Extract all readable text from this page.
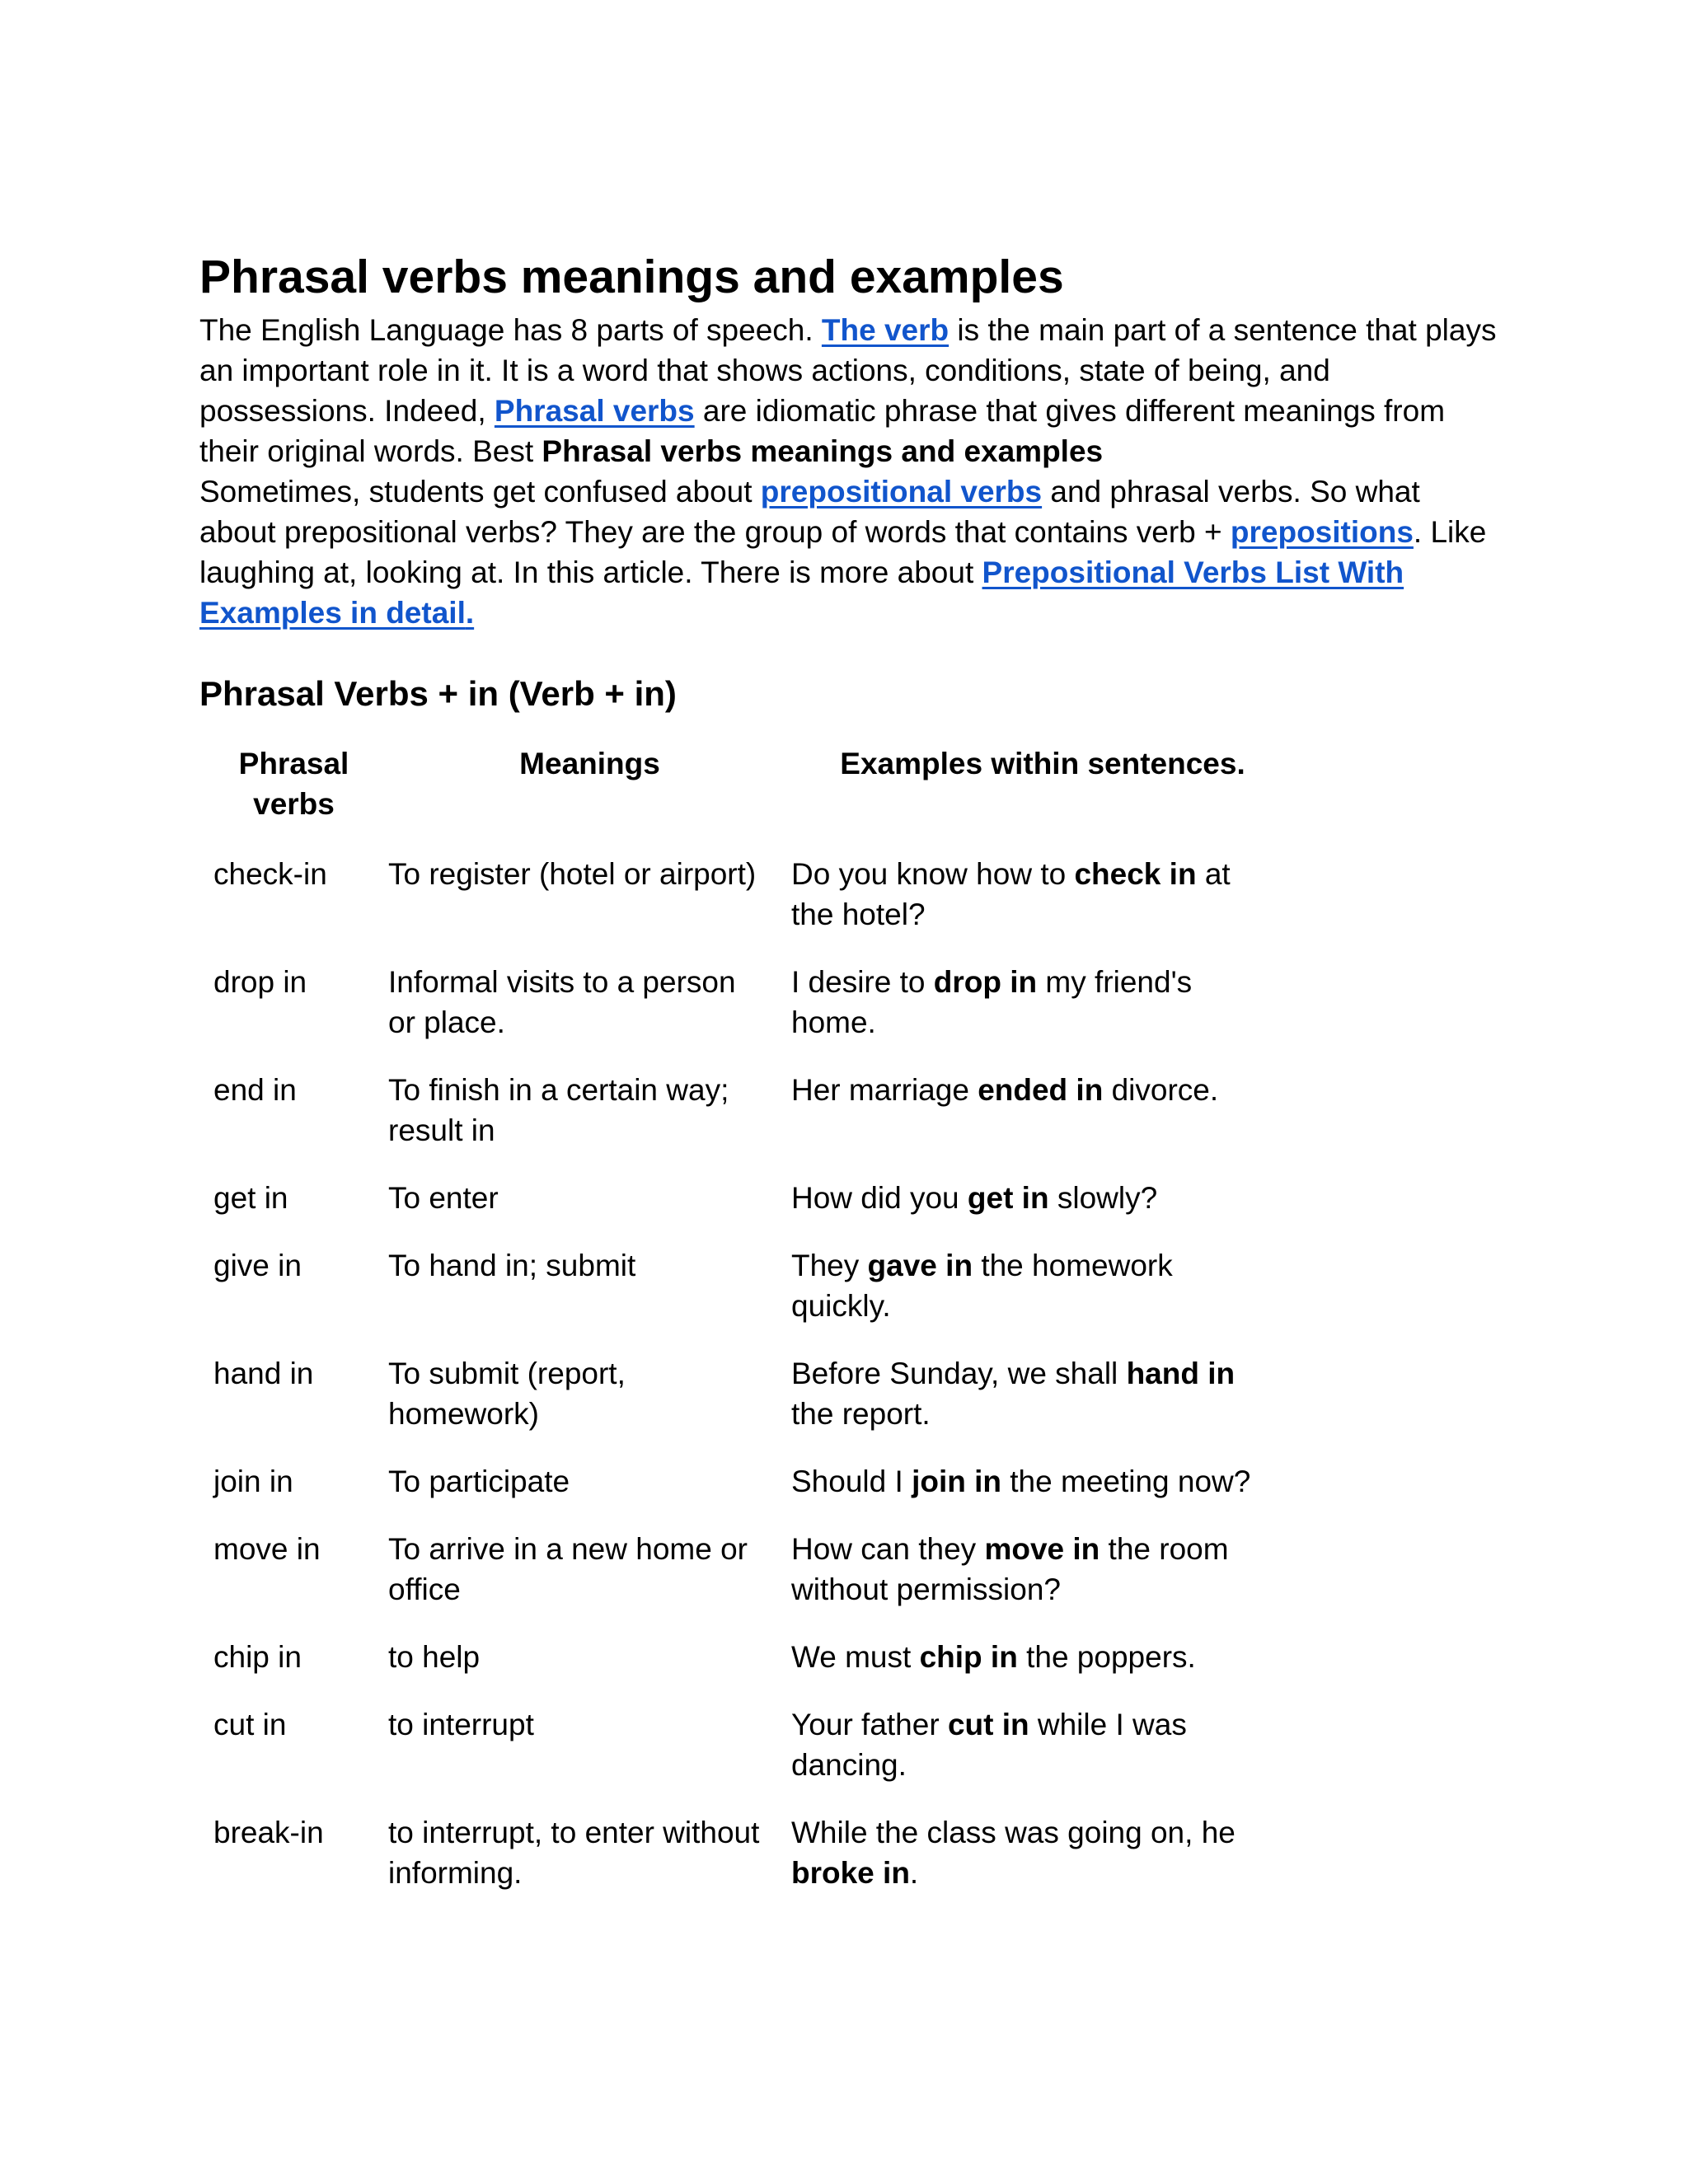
Phrasal verbs meanings and examples

The English Language has 8 parts of speech. The verb is the main part of a sentence that plays an important role in it. It is a word that shows actions, conditions, state of being, and possessions. Indeed, Phrasal verbs are idiomatic phrase that gives different meanings from their original words. Best Phrasal verbs meanings and examples

Sometimes, students get confused about prepositional verbs and phrasal verbs. So what about prepositional verbs? They are the group of words that contains verb + prepositions. Like laughing at, looking at. In this article. There is more about Prepositional Verbs List With Examples in detail.

Phrasal Verbs + in (Verb + in)
Phrasal verbs	Meanings	Examples within sentences.
check-in	To register (hotel or airport)	Do you know how to check in at the hotel?
drop in	Informal visits to a person or place.	I desire to drop in my friend's home.
end in	To finish in a certain way; result in	Her marriage ended in divorce.
get in	To enter	How did you get in slowly?
give in	To hand in; submit	They gave in the homework quickly.
hand in	To submit (report, homework)	Before Sunday, we shall hand in the report.
join in	To participate	Should I join in the meeting now?
move in	To arrive in a new home or office	How can they move in the room without permission?
chip in	to help	We must chip in the poppers.
cut in	to interrupt	Your father cut in while I was dancing.
break-in	to interrupt, to enter without informing.	While the class was going on, he broke in.
